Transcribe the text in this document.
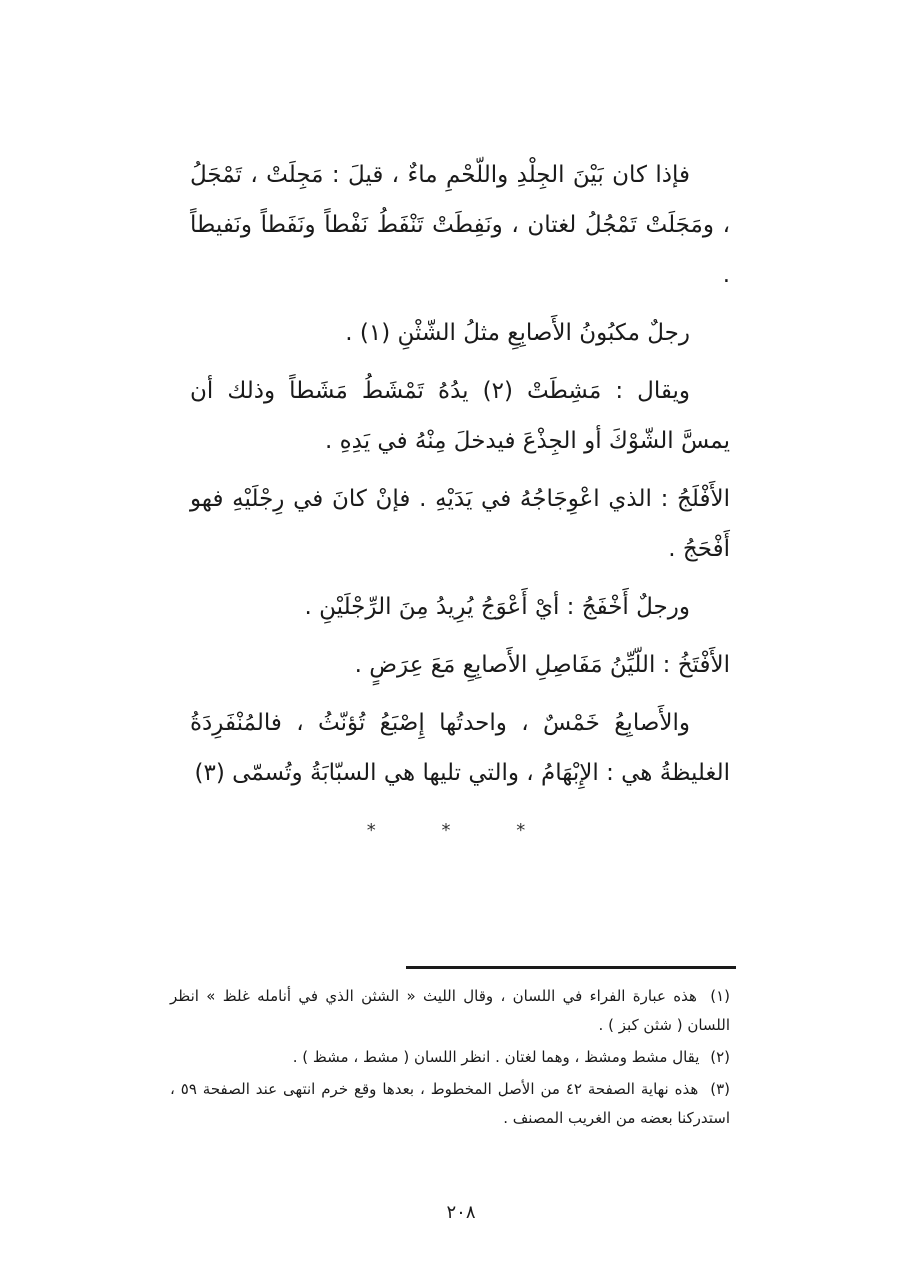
فإذا كان بَيْنَ الجِلْدِ واللّحْمِ ماءٌ ، قيلَ : مَجِلَتْ ، تَمْجَلُ ، ومَجَلَتْ تَمْجُلُ لغتان ، ونَفِطَتْ تَنْفَطُ نَفْطاً ونَفَطاً ونَفيطاً .

رجلٌ مكبُونُ الأَصابِعِ مثلُ الشّثْنِ (١) .

ويقال : مَشِطَتْ (٢) يدُهُ تَمْشَطُ مَشَطاً وذلك أن يمسَّ الشّوْكَ أو الجِذْعَ فيدخلَ مِنْهُ في يَدِهِ .

الأَفْلَجُ : الذي اعْوِجَاجُهُ في يَدَيْهِ . فإنْ كانَ في رِجْلَيْهِ فهو أَفْحَجُ .

ورجلٌ أَخْفَجُ : أيْ أَعْوَجُ يُرِيدُ مِنَ الرِّجْلَيْنِ .

الأَفْتَخُ : اللّيِّنُ مَفَاصِلِ الأَصابِعِ مَعَ عِرَضٍ .

والأَصابِعُ خَمْسٌ ، واحدتُها إِصْبَعُ تُؤنّثُ ، فالمُنْفَرِدَةُ الغليظةُ هي : الإِبْهَامُ ، والتي تليها هي السبّابَةُ وتُسمّى (٣)

* * *

(١) هذه عبارة الفراء في اللسان ، وقال الليث « الشثن الذي في أنامله غلظ » انظر اللسان ( شثن كبز ) .

(٢) يقال مشط ومشظ ، وهما لغتان . انظر اللسان ( مشط ، مشظ ) .

(٣) هذه نهاية الصفحة ٤٢ من الأصل المخطوط ، بعدها وقع خرم انتهى عند الصفحة ٥٩ ، استدركنا بعضه من الغريب المصنف .

٢٠٨
